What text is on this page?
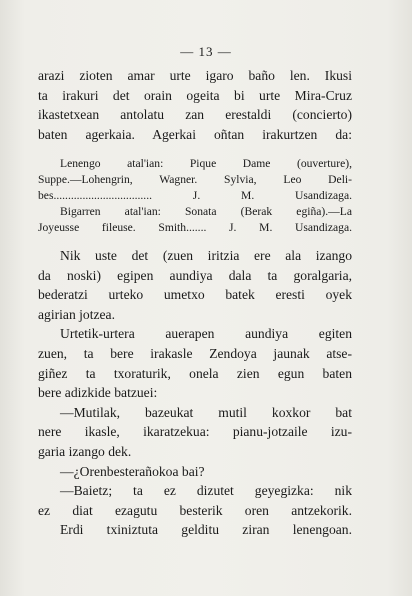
— 13 —
arazi zioten amar urte igaro baño len. Ikusi
ta irakuri det orain ogeita bi urte Mira-Cruz
ikastetxean antolatu zan erestaldi (concierto)
baten agerkaia. Agerkai oñtan irakurtzen da:
Lenengo atal'ian: Pique Dame (ouverture),
Suppe.—Lohengrin, Wagner. Sylvia, Leo Deli-
bes.................................. J. M. Usandizaga.
Bigarren atal'ian: Sonata (Berak egiña).—La
Joyeusse fileuse. Smith....... J. M. Usandizaga.
Nik uste det (zuen iritzia ere ala izango
da noski) egipen aundiya dala ta goralgaria,
bederatzi urteko umetxo batek eresti oyek
agirian jotzea.
Urtetik-urtera auerapen aundiya egiten
zuen, ta bere irakasle Zendoya jaunak atse-
giñez ta txoraturik, onela zien egun baten
bere adizkide batzuei:
—Mutilak, bazeukat mutil koxkor bat
nere ikasle, ikaratzekua: pianu-jotzaile izu-
garia izango dek.
—¿Orenbesterañokoa bai?
—Baietz; ta ez dizutet geyegizka: nik
ez diat ezagutu besterik oren antzekorik.
Erdi txiniztuta gelditu ziran lenengoan.
